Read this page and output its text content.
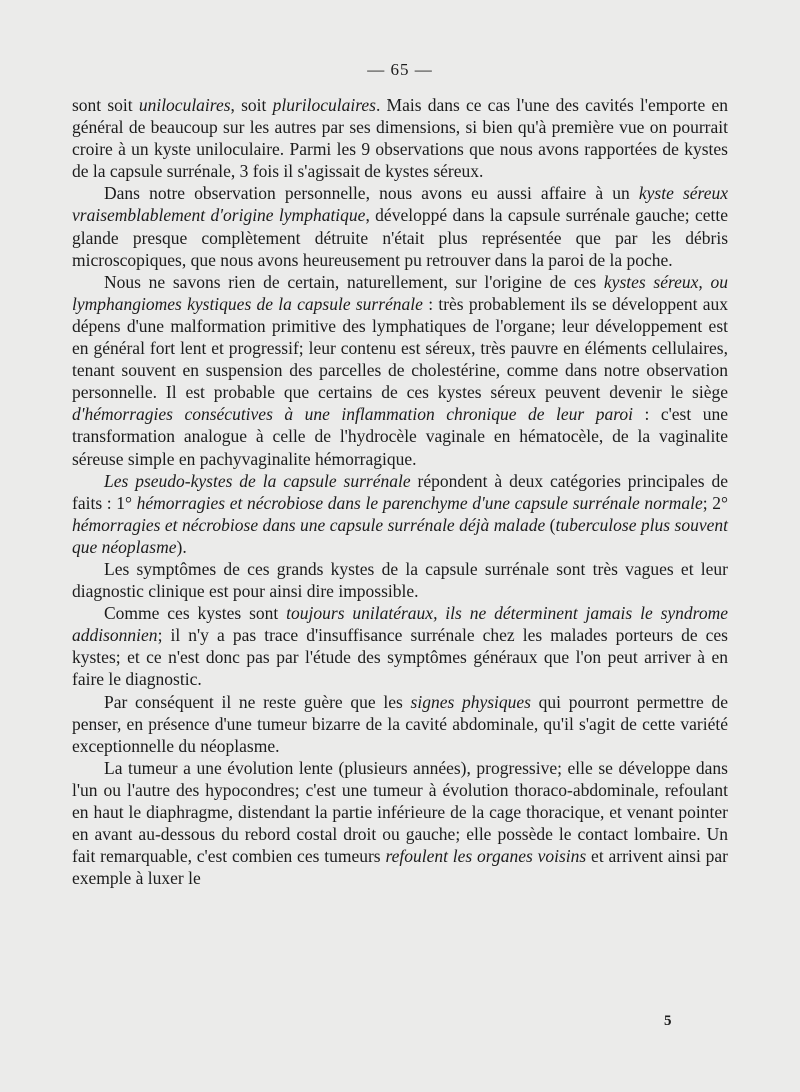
— 65 —

sont soit uniloculaires, soit pluriloculaires. Mais dans ce cas l'une des cavités l'emporte en général de beaucoup sur les autres par ses dimensions, si bien qu'à première vue on pourrait croire à un kyste uniloculaire. Parmi les 9 observations que nous avons rapportées de kystes de la capsule surrénale, 3 fois il s'agissait de kystes séreux.

Dans notre observation personnelle, nous avons eu aussi affaire à un kyste séreux vraisemblablement d'origine lymphatique, développé dans la capsule surrénale gauche; cette glande presque complètement détruite n'était plus représentée que par les débris microscopiques, que nous avons heureusement pu retrouver dans la paroi de la poche.

Nous ne savons rien de certain, naturellement, sur l'origine de ces kystes séreux, ou lymphangiomes kystiques de la capsule surrénale : très probablement ils se développent aux dépens d'une malformation primitive des lymphatiques de l'organe; leur développement est en général fort lent et progressif; leur contenu est séreux, très pauvre en éléments cellulaires, tenant souvent en suspension des parcelles de cholestérine, comme dans notre observation personnelle. Il est probable que certains de ces kystes séreux peuvent devenir le siège d'hémorragies consécutives à une inflammation chronique de leur paroi : c'est une transformation analogue à celle de l'hydrocèle vaginale en hématocèle, de la vaginalite séreuse simple en pachyvaginalite hémorragique.

Les pseudo-kystes de la capsule surrénale répondent à deux catégories principales de faits : 1° hémorragies et nécrobiose dans le parenchyme d'une capsule surrénale normale; 2° hémorragies et nécrobiose dans une capsule surrénale déjà malade (tuberculose plus souvent que néoplasme).

Les symptômes de ces grands kystes de la capsule surrénale sont très vagues et leur diagnostic clinique est pour ainsi dire impossible.

Comme ces kystes sont toujours unilatéraux, ils ne déterminent jamais le syndrome addisonnien; il n'y a pas trace d'insuffisance surrénale chez les malades porteurs de ces kystes; et ce n'est donc pas par l'étude des symptômes généraux que l'on peut arriver à en faire le diagnostic.

Par conséquent il ne reste guère que les signes physiques qui pourront permettre de penser, en présence d'une tumeur bizarre de la cavité abdominale, qu'il s'agit de cette variété exceptionnelle du néoplasme.

La tumeur a une évolution lente (plusieurs années), progressive; elle se développe dans l'un ou l'autre des hypocondres; c'est une tumeur à évolution thoraco-abdominale, refoulant en haut le diaphragme, distendant la partie inférieure de la cage thoracique, et venant pointer en avant au-dessous du rebord costal droit ou gauche; elle possède le contact lombaire. Un fait remarquable, c'est combien ces tumeurs refoulent les organes voisins et arrivent ainsi par exemple à luxer le

5
